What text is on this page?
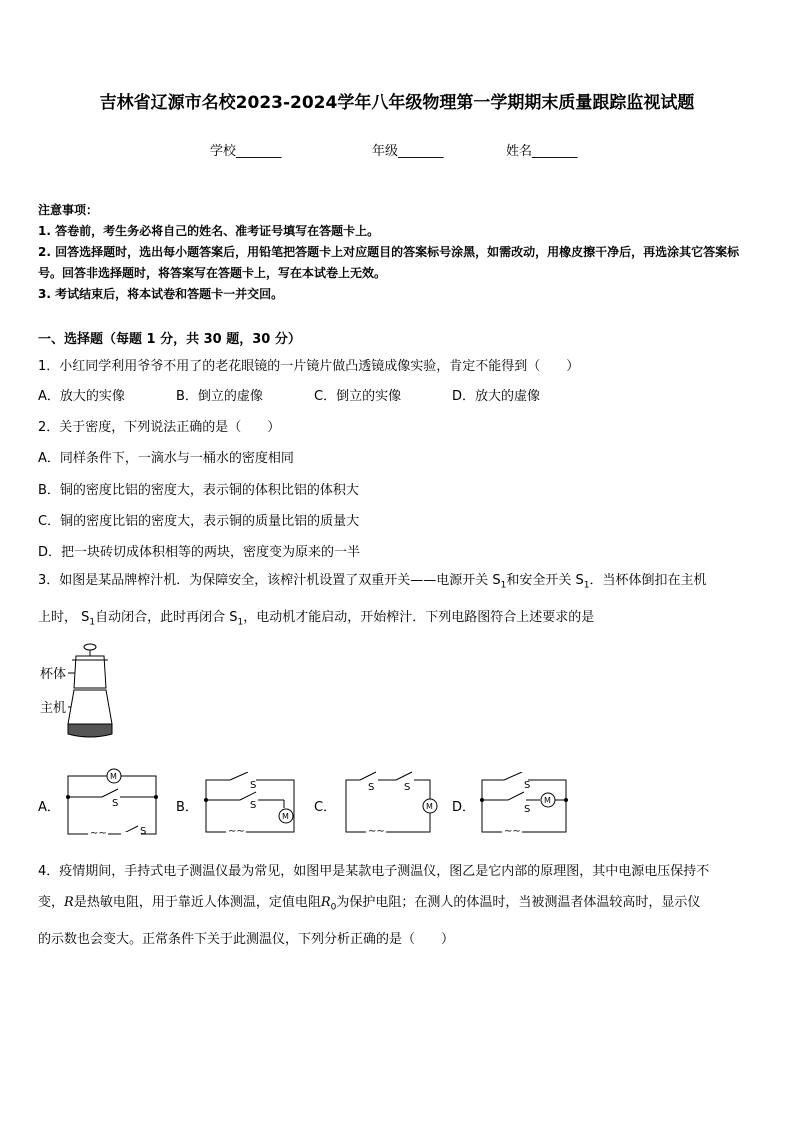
吉林省辽源市名校2023-2024学年八年级物理第一学期期末质量跟踪监视试题
学校_______	年级_______	姓名_______
注意事项：
1. 答卷前，考生务必将自己的姓名、准考证号填写在答题卡上。
2. 回答选择题时，选出每小题答案后，用铅笔把答题卡上对应题目的答案标号涂黑，如需改动，用橡皮擦干净后，再选涂其它答案标号。回答非选择题时，将答案写在答题卡上，写在本试卷上无效。
3. 考试结束后，将本试卷和答题卡一并交回。
一、选择题（每题 1 分，共 30 题，30 分）
1．小红同学利用爷爷不用了的老花眼镜的一片镜片做凸透镜成像实验，肯定不能得到（　　）
A．放大的实像	B．倒立的虚像	C．倒立的实像	D．放大的虚像
2．关于密度，下列说法正确的是（　　）
A．同样条件下，一滴水与一桶水的密度相同
B．铜的密度比铝的密度大，表示铜的体积比铝的体积大
C．铜的密度比铝的密度大，表示铜的质量比铝的质量大
D．把一块砖切成体积相等的两块，密度变为原来的一半
3．如图是某品牌榨汁机．为保障安全，该榨汁机设置了双重开关——电源开关 $S_1$和安全开关 $S_1$．当杯体倒扣在主机
上时， $S_1$自动闭合，此时再闭合 $S_1$，电动机才能启动，开始榨汁．下列电路图符合上述要求的是
杯体
主机
A．	S
M
∼∼	S
B．
S
S
M
∼∼
C．
S	S
M
∼∼
D．
S
M
S
∼∼
4．疫情期间，手持式电子测温仪最为常见，如图甲是某款电子测温仪，图乙是它内部的原理图，其中电源电压保持不
变，R是热敏电阻，用于靠近人体测温，定值电阻$R_0$为保护电阻；在测人的体温时，当被测温者体温较高时，显示仪
的示数也会变大。正常条件下关于此测温仪，下列分析正确的是（　　）
